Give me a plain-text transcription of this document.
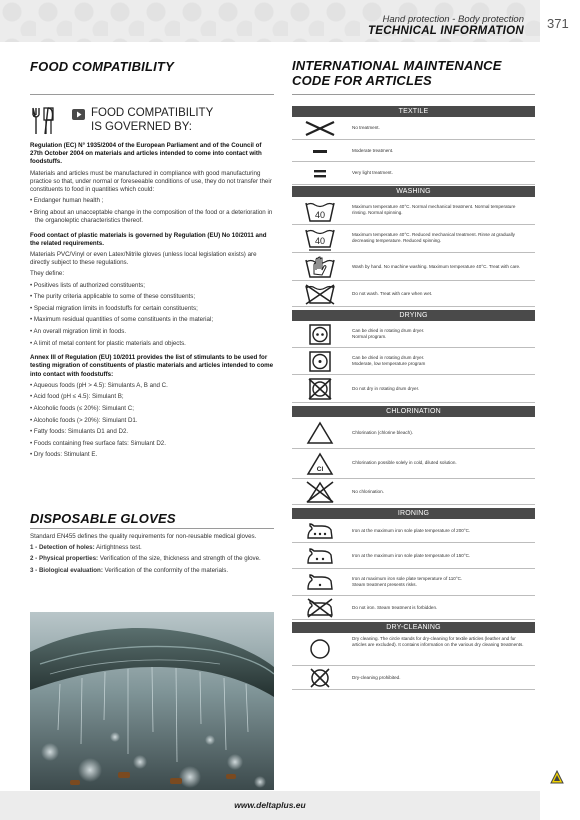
Hand protection - Body protection
TECHNICAL INFORMATION 371
FOOD COMPATIBILITY
FOOD COMPATIBILITY
IS GOVERNED BY:
Regulation (EC) N° 1935/2004 of the European Parliament and of the Council of 27th October 2004 on materials and articles intended to come into contact with foodstuffs.
Materials and articles must be manufactured in compliance with good manufacturing practice so that, under normal or foreseeable conditions of use, they do not transfer their constituents to food in quantities which could:
• Endanger human health ;
• Bring about an unacceptable change in the composition of the food or a deterioration in the organoleptic characteristics thereof.
Food contact of plastic materials is governed by Regulation (EU) No 10/2011 and the related requirements.
Materials PVC/Vinyl or even Latex/Nitrile gloves (unless local legislation exists) are directly subject to these regulations.
They define:
• Positives lists of authorized constituents;
• The purity criteria applicable to some of these constituents;
• Special migration limits in foodstuffs for certain constituents;
• Maximum residual quantities of some constituents in the material;
• An overall migration limit in foods.
• A limit of metal content for plastic materials and objects.
Annex III of Regulation (EU) 10/2011 provides the list of stimulants to be used for testing migration of constituents of plastic materials and articles intended to come into contact with foodstuffs:
• Aqueous foods (pH > 4.5): Simulants A, B and C.
• Acid food (pH ≤ 4.5): Simulant B;
• Alcoholic foods (≤ 20%): Simulant C;
• Alcoholic foods (> 20%): Simulant D1.
• Fatty foods: Simulants D1 and D2.
• Foods containing free surface fats: Simulant D2.
• Dry foods: Stimulant E.
DISPOSABLE GLOVES
Standard EN455 defines the quality requirements for non-reusable medical gloves.
1 - Detection of holes: Airtightness test.
2 - Physical properties: Verification of the size, thickness and strength of the glove.
3 - Biological evaluation: Verification of the conformity of the materials.
INTERNATIONAL MAINTENANCE
CODE FOR ARTICLES
TEXTILE
No treatment.
Moderate treatment.
Very light treatment.
WASHING
40
Maximum temperature 40°C. Normal mechanical treatment. Normal temperature rinsing. Normal spinning.
40
Maximum temperature 40°C. Reduced mechanical treatment. Rinse at gradually decreasing temperature. Reduced spinning.
Wash by hand. No machine washing. Maximum temperature 40°C. Treat with care.
Do not wash. Treat with care when wet.
DRYING
Can be dried in rotating drum dryer.
Normal program.
Can be dried in rotating drum dryer.
Moderate, low temperature program
Do not dry in rotating drum dryer.
CHLORINATION
Chlorination (chlorine bleach).
Cl
Chlorination possible solely in cold, diluted solution.
No chlorination.
IRONING
Iron at the maximum iron sole plate temperature of 200°C.
Iron at the maximum iron sole plate temperature of 150°C.
Iron at maximum iron sole plate temperature of 110°C.
Steam treatment presents risks.
Do not iron. Steam treatment is forbidden.
DRY-CLEANING
Dry cleaning. The circle stands for dry-cleaning for textile articles (leather and fur articles are excluded). It contains information on the various dry cleaning treatments.
Dry-cleaning prohibited.
www.deltaplus.eu
